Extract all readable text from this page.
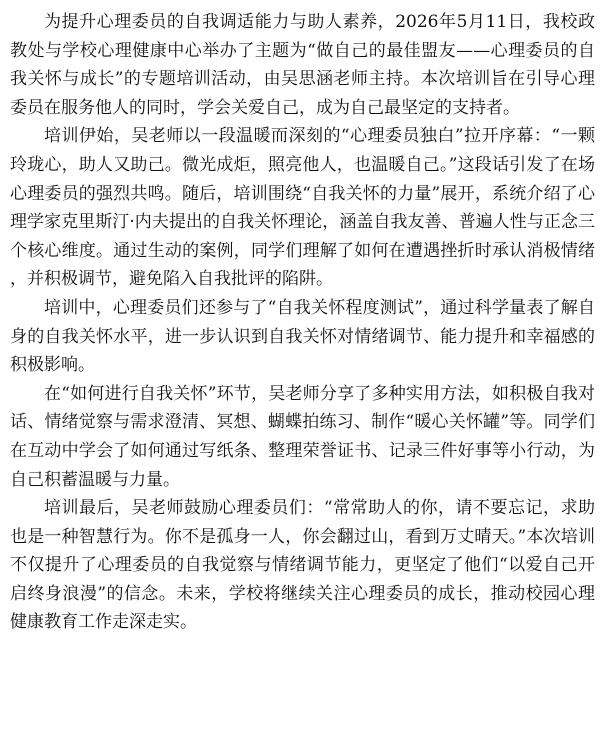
为提升心理委员的自我调适能力与助人素养，2026年5月11日，我校政教处与学校心理健康中心举办了主题为“做自己的最佳盟友——心理委员的自我关怀与成长”的专题培训活动，由吴思涵老师主持。本次培训旨在引导心理委员在服务他人的同时，学会关爱自己，成为自己最坚定的支持者。

培训伊始，吴老师以一段温暖而深刻的“心理委员独白”拉开序幕：“一颗玲珑心，助人又助己。微光成炬，照亮他人，也温暖自己。”这段话引发了在场心理委员的强烈共鸣。随后，培训围绕“自我关怀的力量”展开，系统介绍了心理学家克里斯汀·内夫提出的自我关怀理论，涵盖自我友善、普遍人性与正念三个核心维度。通过生动的案例，同学们理解了如何在遭遇挫折时承认消极情绪，并积极调节，避免陷入自我批评的陷阱。

培训中，心理委员们还参与了“自我关怀程度测试”，通过科学量表了解自身的自我关怀水平，进一步认识到自我关怀对情绪调节、能力提升和幸福感的积极影响。

在“如何进行自我关怀”环节，吴老师分享了多种实用方法，如积极自我对话、情绪觉察与需求澄清、冥想、蝴蝶拍练习、制作“暖心关怀罐”等。同学们在互动中学会了如何通过写纸条、整理荣誉证书、记录三件好事等小行动，为自己积蓄温暖与力量。

培训最后，吴老师鼓励心理委员们：“常常助人的你，请不要忘记，求助也是一种智慧行为。你不是孤身一人，你会翻过山，看到万丈晴天。”本次培训不仅提升了心理委员的自我觉察与情绪调节能力，更坚定了他们“以爱自己开启终身浪漫”的信念。未来，学校将继续关注心理委员的成长，推动校园心理健康教育工作走深走实。
